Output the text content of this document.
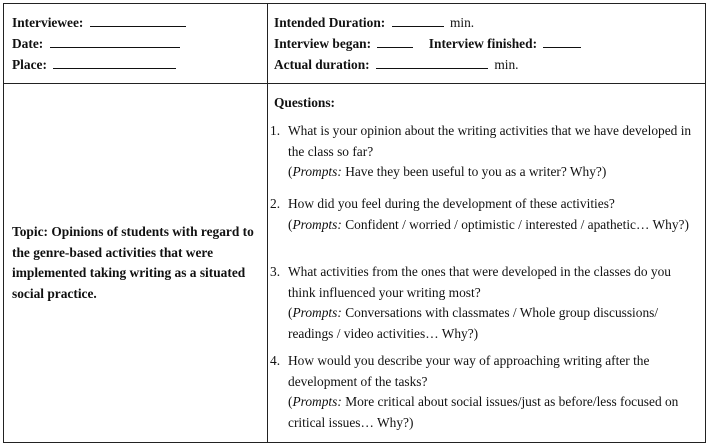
Interviewee:
Date:
Place:
Intended Duration:	min.
Interview began:	Interview finished:
Actual duration:	min.
Topic: Opinions of students with regard to the genre-based activities that were implemented taking writing as a situated social practice.
Questions:
1. What is your opinion about the writing activities that we have developed in the class so far?
(Prompts: Have they been useful to you as a writer? Why?)
2. How did you feel during the development of these activities?
(Prompts: Confident / worried / optimistic / interested / apathetic… Why?)
3. What activities from the ones that were developed in the classes do you think influenced your writing most?
(Prompts: Conversations with classmates / Whole group discussions/ readings / video activities… Why?)
4. How would you describe your way of approaching writing after the development of the tasks?
(Prompts: More critical about social issues/just as before/less focused on critical issues… Why?)
